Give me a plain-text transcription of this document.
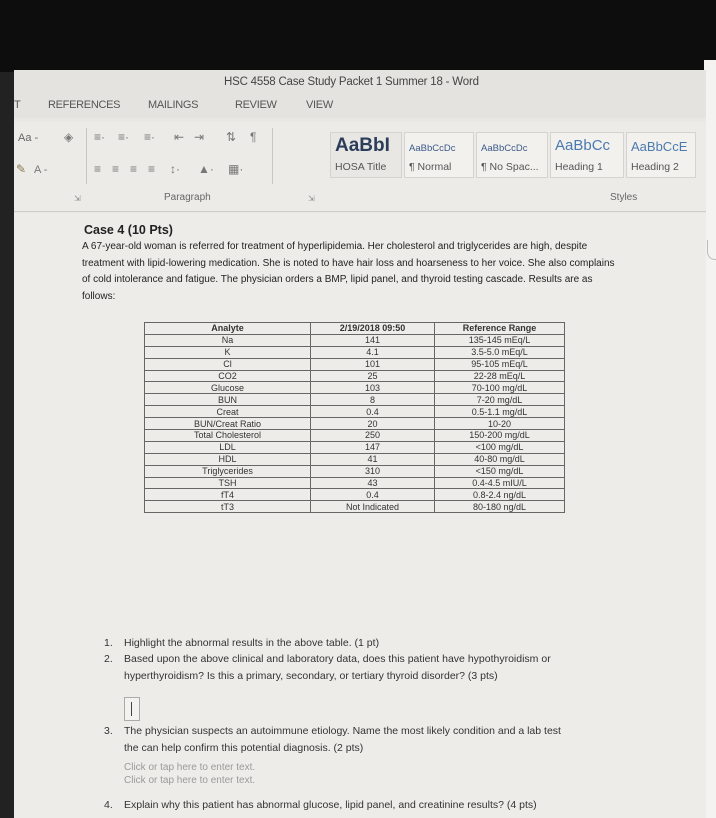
HSC 4558 Case Study Packet 1 Summer 18 - Word
T	REFERENCES	MAILINGS	REVIEW	VIEW
Aa - ◈
A -
✎
≡· ≡· ≡· ⇤ ⇥ ⇅ ¶
≡ ≡ ≡ ≡ ↕· ▲· ▦·
AaBbI
HOSA Title
AaBbCcDc
¶ Normal
AaBbCcDc
¶ No Spac...
AaBbCc
Heading 1
AaBbCcE
Heading 2
⇲	Paragraph	⇲	Styles
Case 4 (10 Pts)
A 67-year-old woman is referred for treatment of hyperlipidemia. Her cholesterol and triglycerides are high, despite treatment with lipid-lowering medication. She is noted to have hair loss and hoarseness to her voice. She also complains of cold intolerance and fatigue. The physician orders a BMP, lipid panel, and thyroid testing cascade. Results are as follows:
Analyte	2/19/2018 09:50	Reference Range
Na	141	135-145 mEq/L
K	4.1	3.5-5.0 mEq/L
Cl	101	95-105 mEq/L
CO2	25	22-28 mEq/L
Glucose	103	70-100 mg/dL
BUN	8	7-20 mg/dL
Creat	0.4	0.5-1.1 mg/dL
BUN/Creat Ratio	20	10-20
Total Cholesterol	250	150-200 mg/dL
LDL	147	<100 mg/dL
HDL	41	40-80 mg/dL
Triglycerides	310	<150 mg/dL
TSH	43	0.4-4.5 mIU/L
fT4	0.4	0.8-2.4 ng/dL
tT3	Not Indicated	80-180 ng/dL
1. Highlight the abnormal results in the above table. (1 pt)
2. Based upon the above clinical and laboratory data, does this patient have hypothyroidism or
hyperthyroidism? Is this a primary, secondary, or tertiary thyroid disorder? (3 pts)
3. The physician suspects an autoimmune etiology. Name the most likely condition and a lab test
the can help confirm this potential diagnosis. (2 pts)
Click or tap here to enter text.
4. Explain why this patient has abnormal glucose, lipid panel, and creatinine results? (4 pts)
Click or tap here to enter text.
